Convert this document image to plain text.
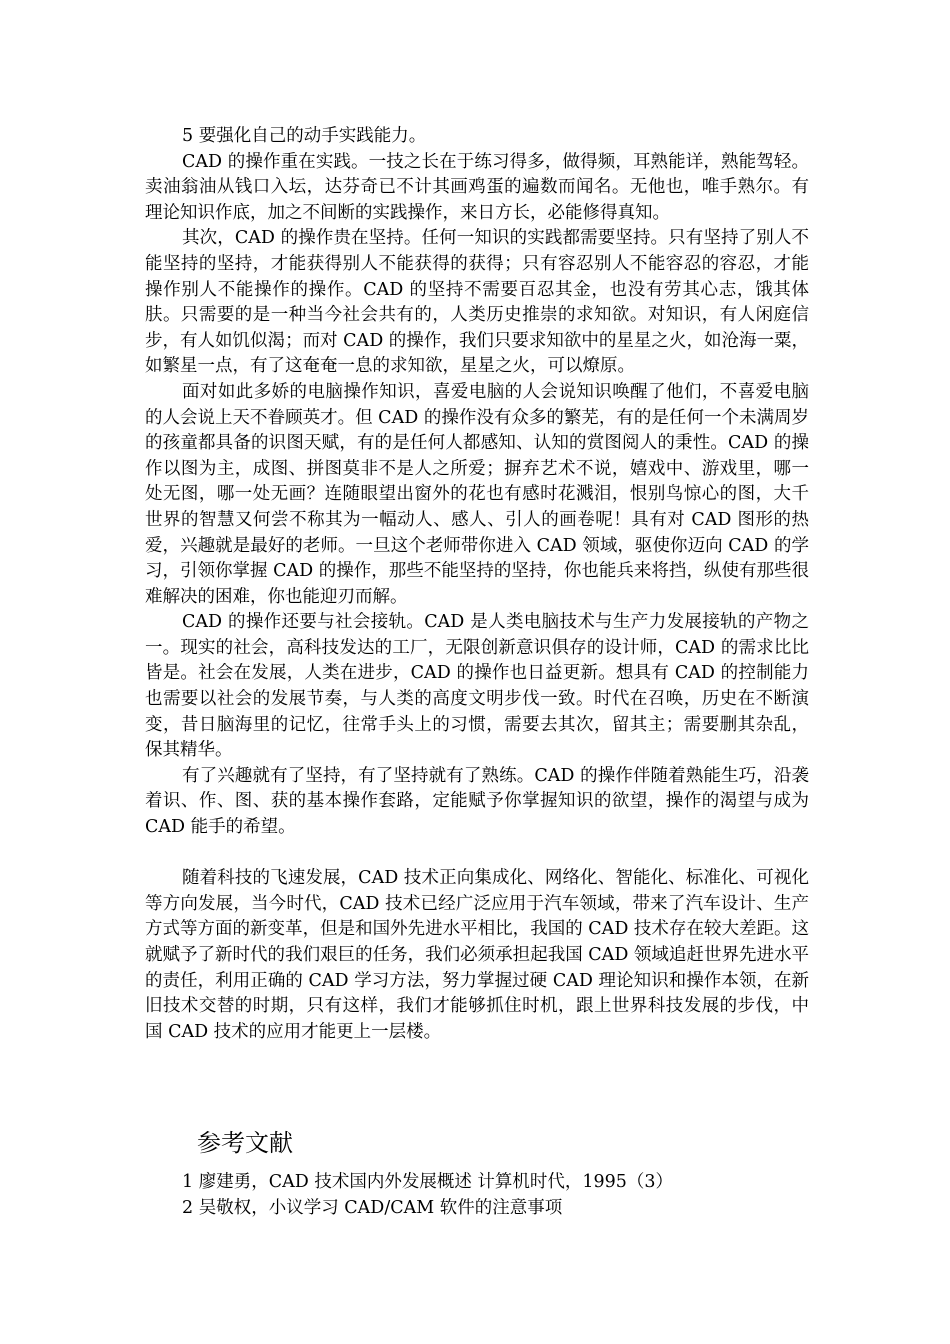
5 要强化自己的动手实践能力。

CAD 的操作重在实践。一技之长在于练习得多，做得频，耳熟能详，熟能驾轻。卖油翁油从钱口入坛，达芬奇已不计其画鸡蛋的遍数而闻名。无他也，唯手熟尔。有理论知识作底，加之不间断的实践操作，来日方长，必能修得真知。

其次，CAD 的操作贵在坚持。任何一知识的实践都需要坚持。只有坚持了别人不能坚持的坚持，才能获得别人不能获得的获得；只有容忍别人不能容忍的容忍，才能操作别人不能操作的操作。CAD 的坚持不需要百忍其金，也没有劳其心志，饿其体肤。只需要的是一种当今社会共有的，人类历史推崇的求知欲。对知识，有人闲庭信步，有人如饥似渴；而对 CAD 的操作，我们只要求知欲中的星星之火，如沧海一粟，如繁星一点，有了这奄奄一息的求知欲，星星之火，可以燎原。

面对如此多娇的电脑操作知识，喜爱电脑的人会说知识唤醒了他们，不喜爱电脑的人会说上天不眷顾英才。但 CAD 的操作没有众多的繁芜，有的是任何一个未满周岁的孩童都具备的识图天赋，有的是任何人都感知、认知的赏图阅人的秉性。CAD 的操作以图为主，成图、拼图莫非不是人之所爱；摒弃艺术不说，嬉戏中、游戏里，哪一处无图，哪一处无画？连随眼望出窗外的花也有感时花溅泪，恨别鸟惊心的图，大千世界的智慧又何尝不称其为一幅动人、感人、引人的画卷呢！具有对 CAD 图形的热爱，兴趣就是最好的老师。一旦这个老师带你进入 CAD 领域，驱使你迈向 CAD 的学习，引领你掌握 CAD 的操作，那些不能坚持的坚持，你也能兵来将挡，纵使有那些很难解决的困难，你也能迎刃而解。

CAD 的操作还要与社会接轨。CAD 是人类电脑技术与生产力发展接轨的产物之一。现实的社会，高科技发达的工厂，无限创新意识俱存的设计师，CAD 的需求比比皆是。社会在发展，人类在进步，CAD 的操作也日益更新。想具有 CAD 的控制能力也需要以社会的发展节奏，与人类的高度文明步伐一致。时代在召唤，历史在不断演变，昔日脑海里的记忆，往常手头上的习惯，需要去其次，留其主；需要删其杂乱，保其精华。

有了兴趣就有了坚持，有了坚持就有了熟练。CAD 的操作伴随着熟能生巧，沿袭着识、作、图、获的基本操作套路，定能赋予你掌握知识的欲望，操作的渴望与成为 CAD 能手的希望。

随着科技的飞速发展，CAD 技术正向集成化、网络化、智能化、标准化、可视化等方向发展，当今时代，CAD 技术已经广泛应用于汽车领域，带来了汽车设计、生产方式等方面的新变革，但是和国外先进水平相比，我国的 CAD 技术存在较大差距。这就赋予了新时代的我们艰巨的任务，我们必须承担起我国 CAD 领域追赶世界先进水平的责任，利用正确的 CAD 学习方法，努力掌握过硬 CAD 理论知识和操作本领，在新旧技术交替的时期，只有这样，我们才能够抓住时机，跟上世界科技发展的步伐，中国 CAD 技术的应用才能更上一层楼。

参考文献
1 廖建勇，CAD 技术国内外发展概述 计算机时代，1995（3）
2 吴敬权，小议学习 CAD/CAM 软件的注意事项
